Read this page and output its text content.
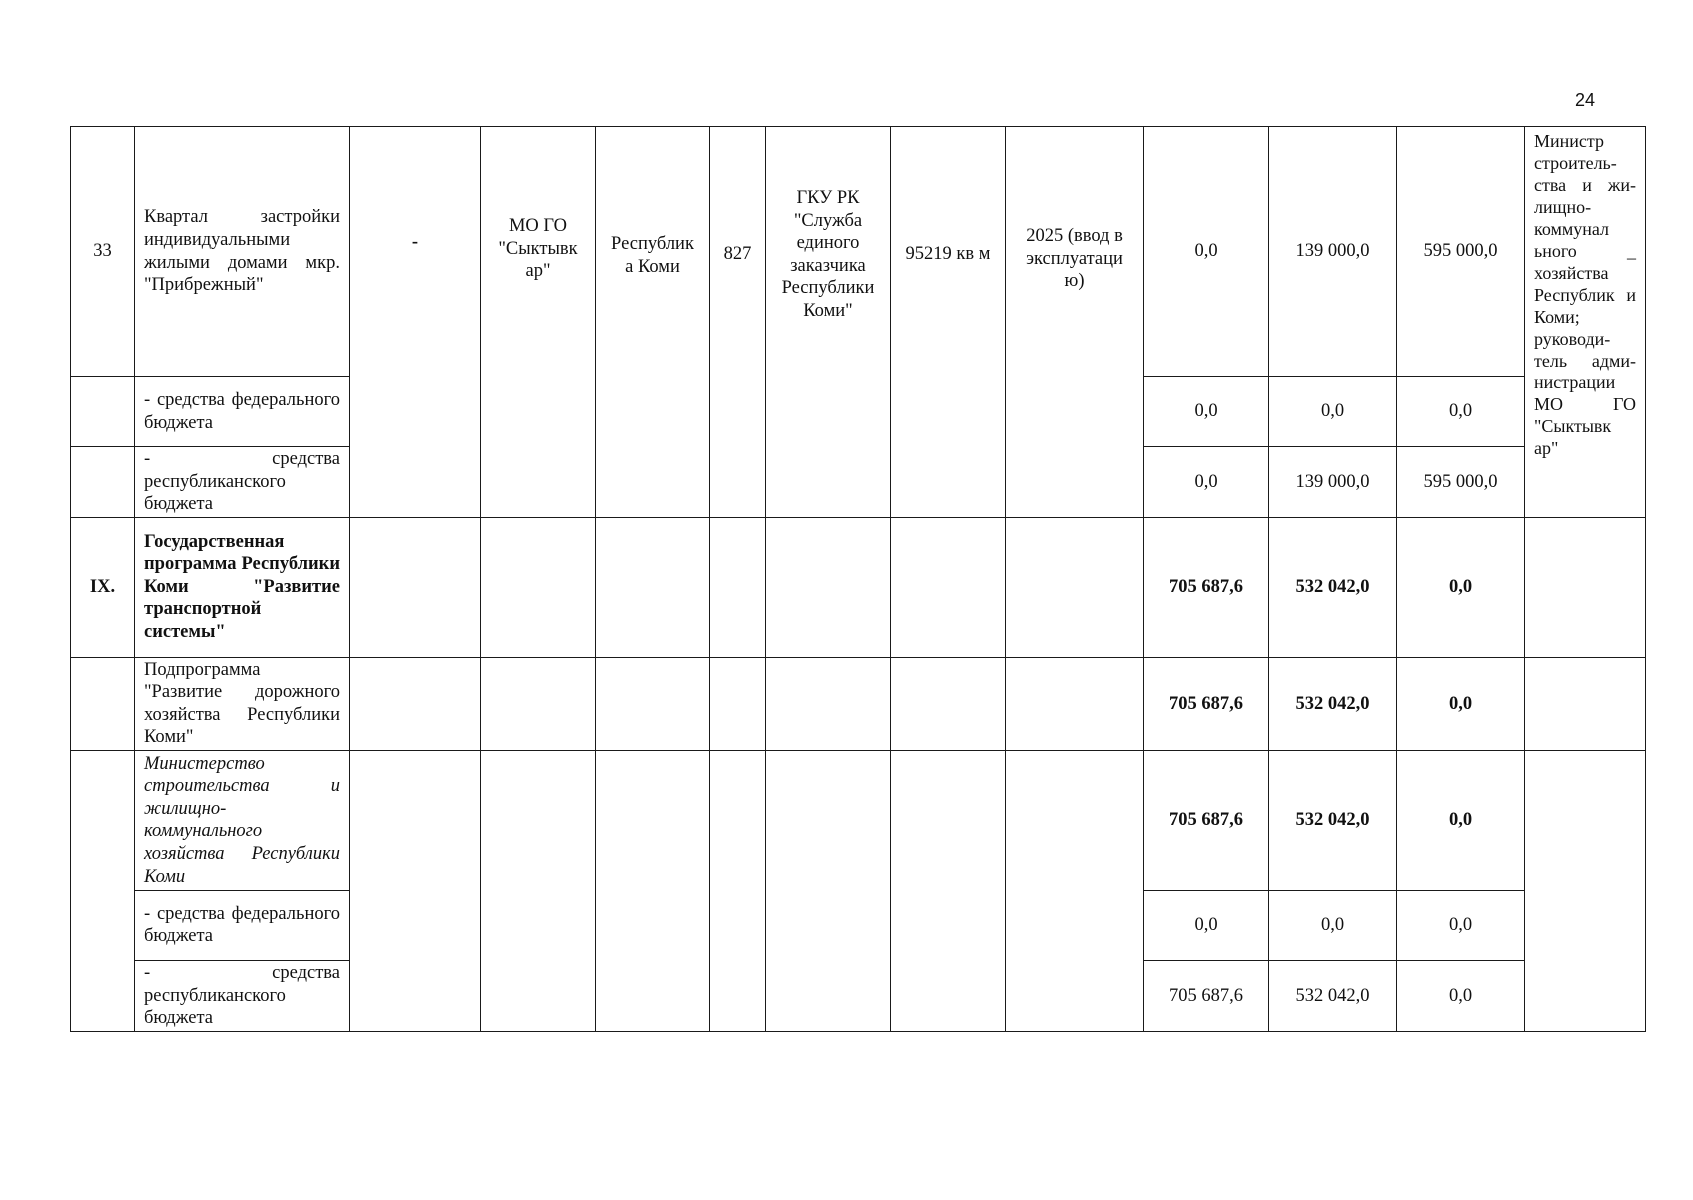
24
33	Квартал застройки индивидуальными жилыми домами мкр. "Прибрежный"	-	МО ГО "Сыктывк ар"	Республик а Коми	827	ГКУ РК "Служба единого заказчика Республики Коми"	95219 кв м	2025 (ввод в эксплуатаци ю)	0,0	139 000,0	595 000,0	Министр строитель-ства и жи-лищно-коммунал ьного _ хозяйства Республик и Коми; руководи-тель адми-нистрации МО ГО "Сыктывк ар"
	- средства федерального бюджета								0,0	0,0	0,0	
	- средства республиканского бюджета								0,0	139 000,0	595 000,0	
IX.	Государственная программа Республики Коми "Развитие транспортной системы"								705 687,6	532 042,0	0,0	
	Подпрограмма "Развитие дорожного хозяйства Республики Коми"								705 687,6	532 042,0	0,0	
	Министерство строительства и жилищно-коммунального хозяйства Республики Коми								705 687,6	532 042,0	0,0	
	- средства федерального бюджета								0,0	0,0	0,0	
	- средства республиканского бюджета								705 687,6	532 042,0	0,0	
